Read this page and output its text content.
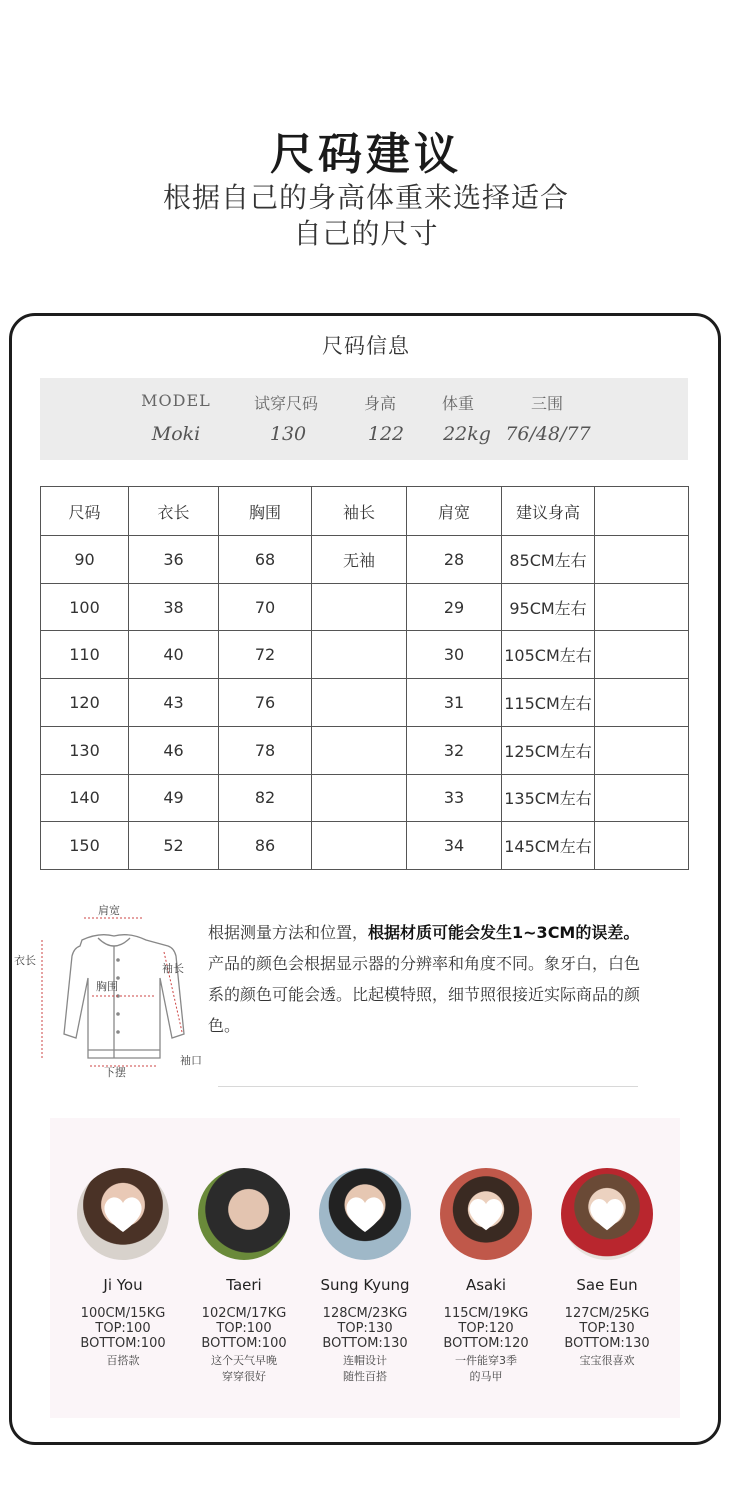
尺码建议
根据自己的身高体重来选择适合
自己的尺寸
尺码信息
MODEL	试穿尺码	身高	体重	三围
Moki	130	122	22kg 76/48/77
尺码	衣长	胸围	袖长	肩宽	建议身高	
90	36	68	无袖	28	85CM左右	
100	38	70		29	95CM左右	
110	40	72		30	105CM左右	
120	43	76		31	115CM左右	
130	46	78		32	125CM左右	
140	49	82		33	135CM左右	
150	52	86		34	145CM左右	
肩宽
衣长
袖长
胸围
袖口
下摆
根据测量方法和位置，根据材质可能会发生1~3CM的误差。产品的颜色会根据显示器的分辨率和角度不同。象牙白，白色系的颜色可能会透。比起模特照，细节照很接近实际商品的颜色。
Ji You
100CM/15KG
TOP:100
BOTTOM:100
百搭款
Taeri
102CM/17KG
TOP:100
BOTTOM:100
这个天气早晚
穿穿很好
Sung Kyung
128CM/23KG
TOP:130
BOTTOM:130
连帽设计
随性百搭
Asaki
115CM/19KG
TOP:120
BOTTOM:120
一件能穿3季
的马甲
Sae Eun
127CM/25KG
TOP:130
BOTTOM:130
宝宝很喜欢
